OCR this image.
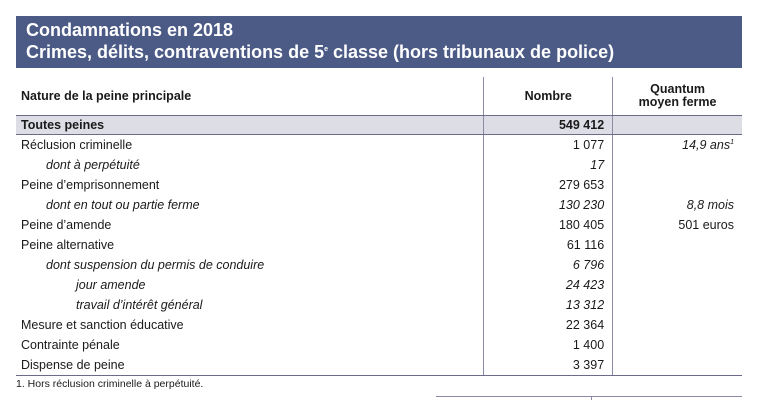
Condamnations en 2018
Crimes, délits, contraventions de 5e classe (hors tribunaux de police)
Nature de la peine principale	Nombre	Quantum
moyen ferme
Toutes peines	549 412	
Réclusion criminelle	1 077	14,9 ans$^1$
dont à perpétuité	17	
Peine d’emprisonnement	279 653	
dont en tout ou partie ferme	130 230	8,8 mois
Peine d’amende	180 405	501 euros
Peine alternative	61 116	
dont suspension du permis de conduire	6 796	
jour amende	24 423	
travail d’intérêt général	13 312	
Mesure et sanction éducative	22 364	
Contrainte pénale	1 400	
Dispense de peine	3 397	
1. Hors réclusion criminelle à perpétuité.
